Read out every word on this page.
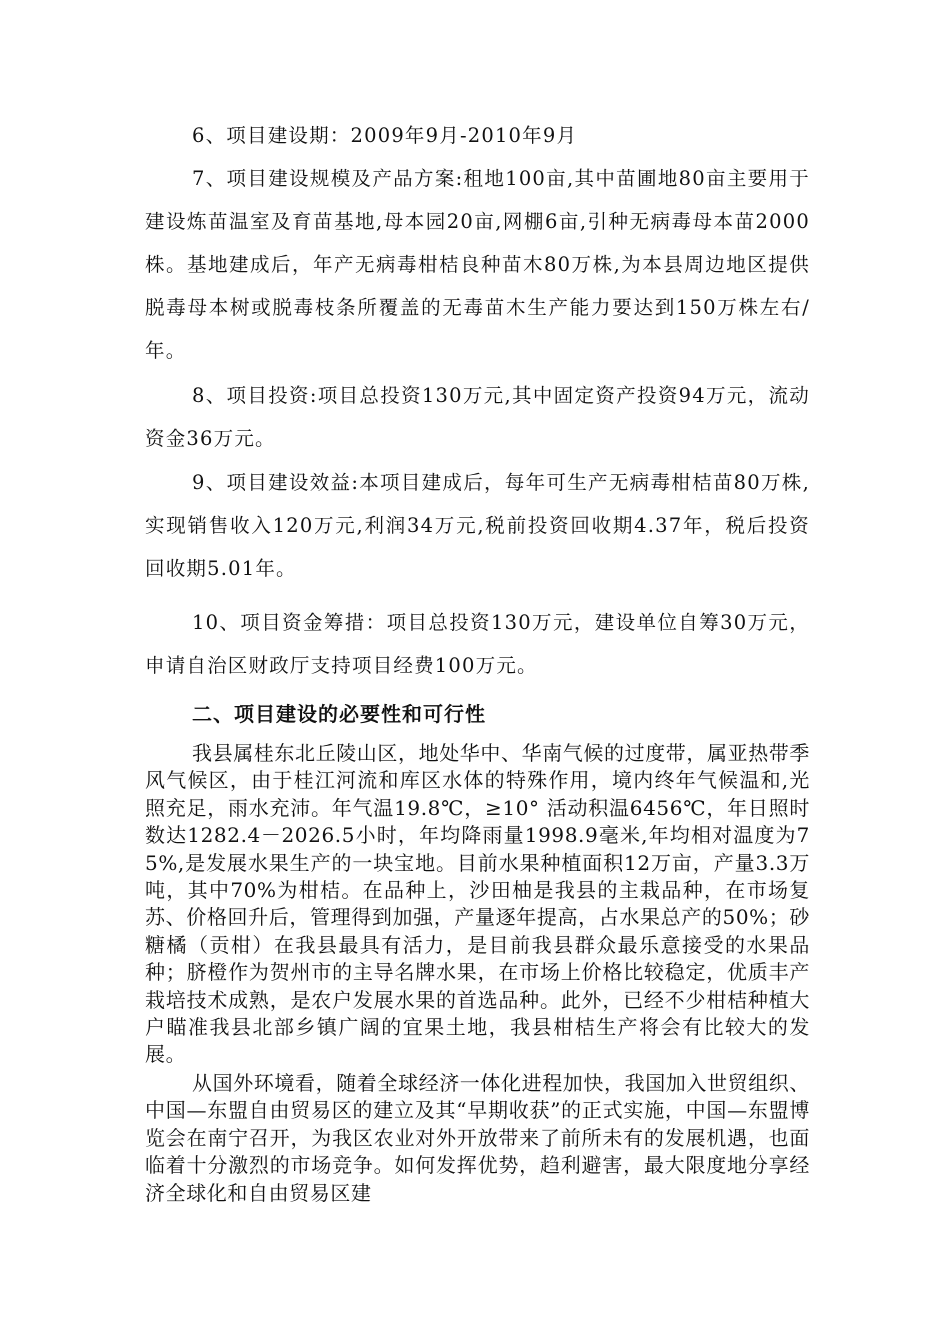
6、项目建设期：2009年9月-2010年9月

7、项目建设规模及产品方案:租地100亩,其中苗圃地80亩主要用于建设炼苗温室及育苗基地,母本园20亩,网棚6亩,引种无病毒母本苗2000株。基地建成后，年产无病毒柑桔良种苗木80万株,为本县周边地区提供脱毒母本树或脱毒枝条所覆盖的无毒苗木生产能力要达到150万株左右/年。

8、项目投资:项目总投资130万元,其中固定资产投资94万元，流动资金36万元。

9、项目建设效益:本项目建成后，每年可生产无病毒柑桔苗80万株,实现销售收入120万元,利润34万元,税前投资回收期4.37年，税后投资回收期5.01年。

10、项目资金筹措：项目总投资130万元，建设单位自筹30万元，申请自治区财政厅支持项目经费100万元。

二、项目建设的必要性和可行性

我县属桂东北丘陵山区，地处华中、华南气候的过度带，属亚热带季风气候区，由于桂江河流和库区水体的特殊作用，境内终年气候温和,光照充足，雨水充沛。年气温19.8℃，≥10° 活动积温6456℃，年日照时数达1282.4－2026.5小时，年均降雨量1998.9毫米,年均相对温度为75%,是发展水果生产的一块宝地。目前水果种植面积12万亩，产量3.3万吨，其中70%为柑桔。在品种上，沙田柚是我县的主栽品种，在市场复苏、价格回升后，管理得到加强，产量逐年提高，占水果总产的50%；砂糖橘（贡柑）在我县最具有活力，是目前我县群众最乐意接受的水果品种；脐橙作为贺州市的主导名牌水果，在市场上价格比较稳定，优质丰产栽培技术成熟，是农户发展水果的首选品种。此外，已经不少柑桔种植大户瞄准我县北部乡镇广阔的宜果土地，我县柑桔生产将会有比较大的发展。

从国外环境看，随着全球经济一体化进程加快，我国加入世贸组织、中国—东盟自由贸易区的建立及其“早期收获”的正式实施，中国—东盟博览会在南宁召开，为我区农业对外开放带来了前所未有的发展机遇，也面临着十分激烈的市场竞争。如何发挥优势，趋利避害，最大限度地分享经济全球化和自由贸易区建
